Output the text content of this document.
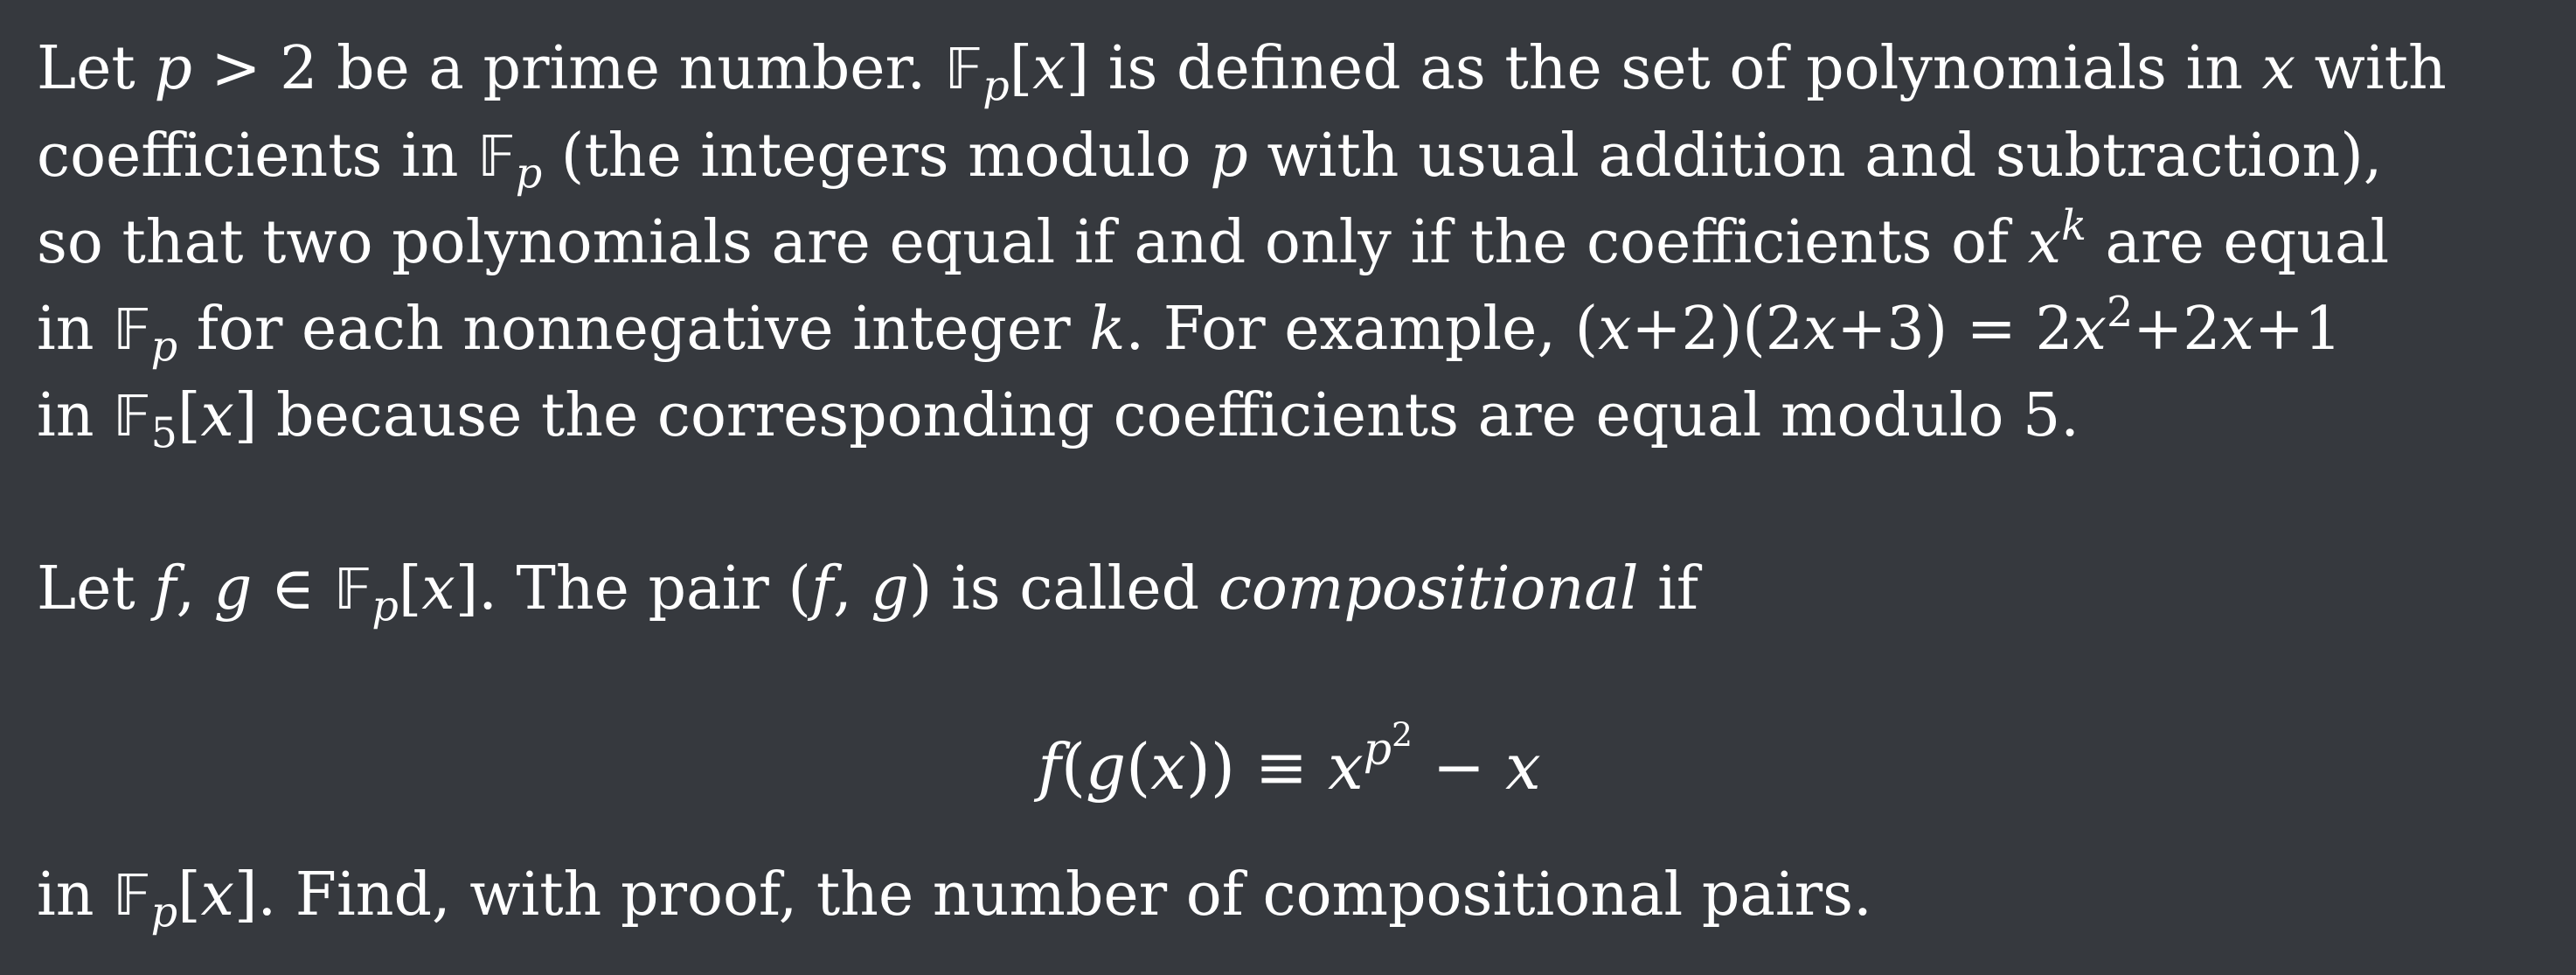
Let p > 2 be a prime number. 𝔽$_p$[x] is defined as the set of polynomials in x with
coefficients in 𝔽$_p$ (the integers modulo p with usual addition and subtraction),
so that two polynomials are equal if and only if the coefficients of $x^k$ are equal
in 𝔽$_p$ for each nonnegative integer k. For example, $(x+2)(2x+3) = 2x^2+2x+1$
in 𝔽$_5$[x] because the corresponding coefficients are equal modulo 5.
Let f, g ∈ 𝔽$_p$[x]. The pair (f, g) is called compositional if
$f(g(x)) \equiv x^{p^2} - x$
in 𝔽$_p$[x]. Find, with proof, the number of compositional pairs.
